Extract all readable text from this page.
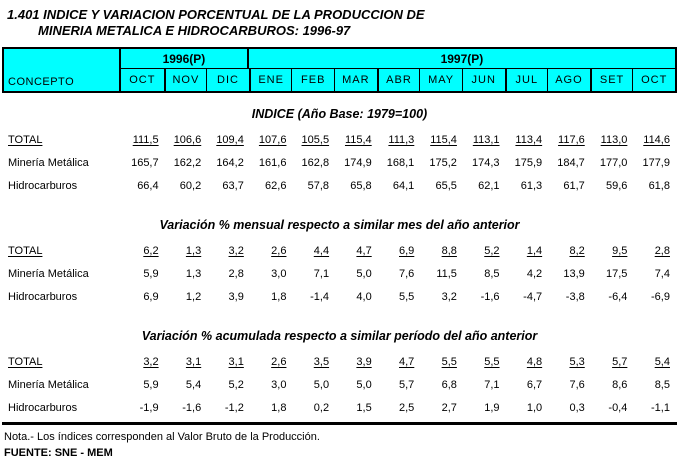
1.401 INDICE Y VARIACION PORCENTUAL DE LA PRODUCCION DE
MINERIA METALICA E HIDROCARBUROS: 1996-97
CONCEPTO
1996(P)	1997(P)
OCT	NOV	DIC	ENE	FEB	MAR	ABR	MAY	JUN	JUL	AGO	SET	OCT
INDICE (Año Base: 1979=100)
TOTAL	111,5	106,6	109,4	107,6	105,5	115,4	111,3	115,4	113,1	113,4	117,6	113,0	114,6
Minería Metálica	165,7	162,2	164,2	161,6	162,8	174,9	168,1	175,2	174,3	175,9	184,7	177,0	177,9
Hidrocarburos	66,4	60,2	63,7	62,6	57,8	65,8	64,1	65,5	62,1	61,3	61,7	59,6	61,8
Variación % mensual respecto a similar mes del año anterior
TOTAL	6,2	1,3	3,2	2,6	4,4	4,7	6,9	8,8	5,2	1,4	8,2	9,5	2,8
Minería Metálica	5,9	1,3	2,8	3,0	7,1	5,0	7,6	11,5	8,5	4,2	13,9	17,5	7,4
Hidrocarburos	6,9	1,2	3,9	1,8	-1,4	4,0	5,5	3,2	-1,6	-4,7	-3,8	-6,4	-6,9
Variación % acumulada respecto a similar período del año anterior
TOTAL	3,2	3,1	3,1	2,6	3,5	3,9	4,7	5,5	5,5	4,8	5,3	5,7	5,4
Minería Metálica	5,9	5,4	5,2	3,0	5,0	5,0	5,7	6,8	7,1	6,7	7,6	8,6	8,5
Hidrocarburos	-1,9	-1,6	-1,2	1,8	0,2	1,5	2,5	2,7	1,9	1,0	0,3	-0,4	-1,1
Nota.- Los índices corresponden al Valor Bruto de la Producción.
FUENTE: SNE - MEM
